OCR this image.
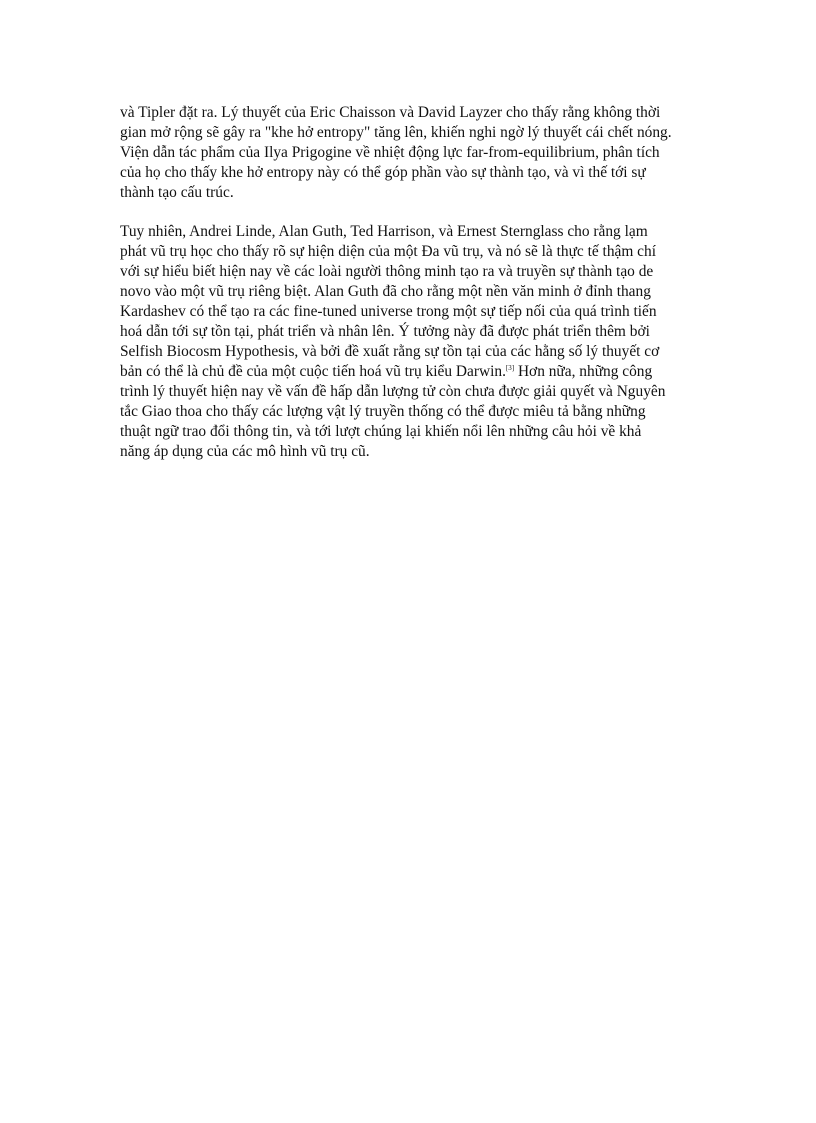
và Tipler đặt ra. Lý thuyết của Eric Chaisson và David Layzer cho thấy rằng không thời
gian mở rộng sẽ gây ra "khe hở entropy" tăng lên, khiến nghi ngờ lý thuyết cái chết nóng.
Viện dẫn tác phẩm của Ilya Prigogine về nhiệt động lực far-from-equilibrium, phân tích
của họ cho thấy khe hở entropy này có thể góp phần vào sự thành tạo, và vì thế tới sự
thành tạo cấu trúc.

Tuy nhiên, Andrei Linde, Alan Guth, Ted Harrison, và Ernest Sternglass cho rằng lạm
phát vũ trụ học cho thấy rõ sự hiện diện của một Đa vũ trụ, và nó sẽ là thực tế thậm chí
với sự hiểu biết hiện nay về các loài người thông minh tạo ra và truyền sự thành tạo de
novo vào một vũ trụ riêng biệt. Alan Guth đã cho rằng một nền văn minh ở đỉnh thang
Kardashev có thể tạo ra các fine-tuned universe trong một sự tiếp nối của quá trình tiến
hoá dẫn tới sự tồn tại, phát triển và nhân lên. Ý tưởng này đã được phát triển thêm bởi
Selfish Biocosm Hypothesis, và bởi đề xuất rằng sự tồn tại của các hằng số lý thuyết cơ
bản có thể là chủ đề của một cuộc tiến hoá vũ trụ kiểu Darwin.[3] Hơn nữa, những công
trình lý thuyết hiện nay về vấn đề hấp dẫn lượng tử còn chưa được giải quyết và Nguyên
tắc Giao thoa cho thấy các lượng vật lý truyền thống có thể được miêu tả bằng những
thuật ngữ trao đổi thông tin, và tới lượt chúng lại khiến nổi lên những câu hỏi về khả
năng áp dụng của các mô hình vũ trụ cũ.
